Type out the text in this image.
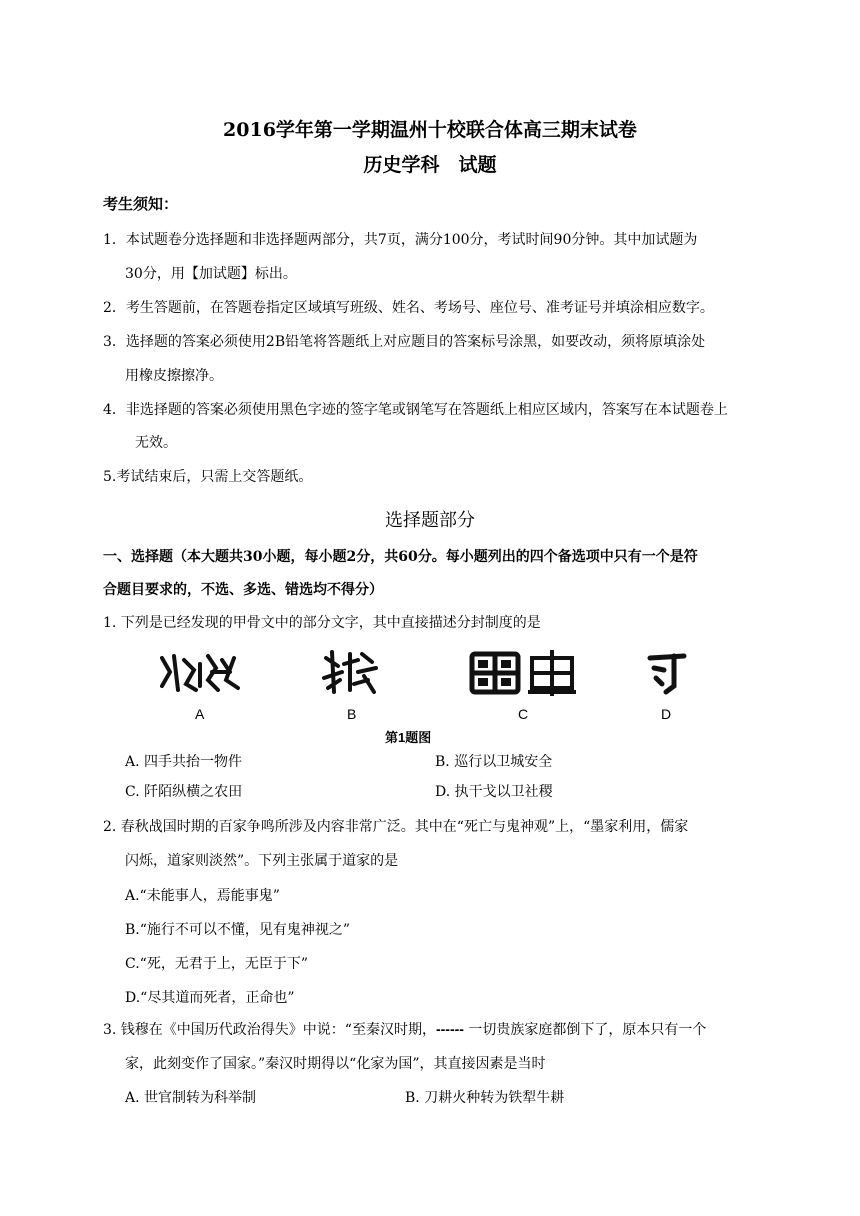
2016学年第一学期温州十校联合体高三期末试卷
历史学科　试题
考生须知：
1．本试题卷分选择题和非选择题两部分，共7页，满分100分，考试时间90分钟。其中加试题为
30分，用【加试题】标出。
2．考生答题前，在答题卷指定区域填写班级、姓名、考场号、座位号、准考证号并填涂相应数字。
3．选择题的答案必须使用2B铅笔将答题纸上对应题目的答案标号涂黑，如要改动，须将原填涂处
用橡皮擦擦净。
4．非选择题的答案必须使用黑色字迹的签字笔或钢笔写在答题纸上相应区域内，答案写在本试题卷上
无效。
5.考试结束后，只需上交答题纸。
选择题部分
一、选择题（本大题共30小题，每小题2分，共60分。每小题列出的四个备选项中只有一个是符
合题目要求的，不选、多选、错选均不得分）
1. 下列是已经发现的甲骨文中的部分文字，其中直接描述分封制度的是
A	B	C	D
第1题图
A. 四手共抬一物件	B. 巡行以卫城安全
C. 阡陌纵横之农田	D. 执干戈以卫社稷
2. 春秋战国时期的百家争鸣所涉及内容非常广泛。其中在“死亡与鬼神观”上，“墨家利用，儒家
闪烁，道家则淡然”。下列主张属于道家的是
A.“未能事人，焉能事鬼”
B.“施行不可以不懂，见有鬼神视之”
C.“死，无君于上，无臣于下”
D.“尽其道而死者，正命也”
3. 钱穆在《中国历代政治得失》中说：“至秦汉时期，------ 一切贵族家庭都倒下了，原本只有一个
家，此刻变作了国家。”秦汉时期得以“化家为国”，其直接因素是当时
A. 世官制转为科举制	B. 刀耕火种转为铁犁牛耕
